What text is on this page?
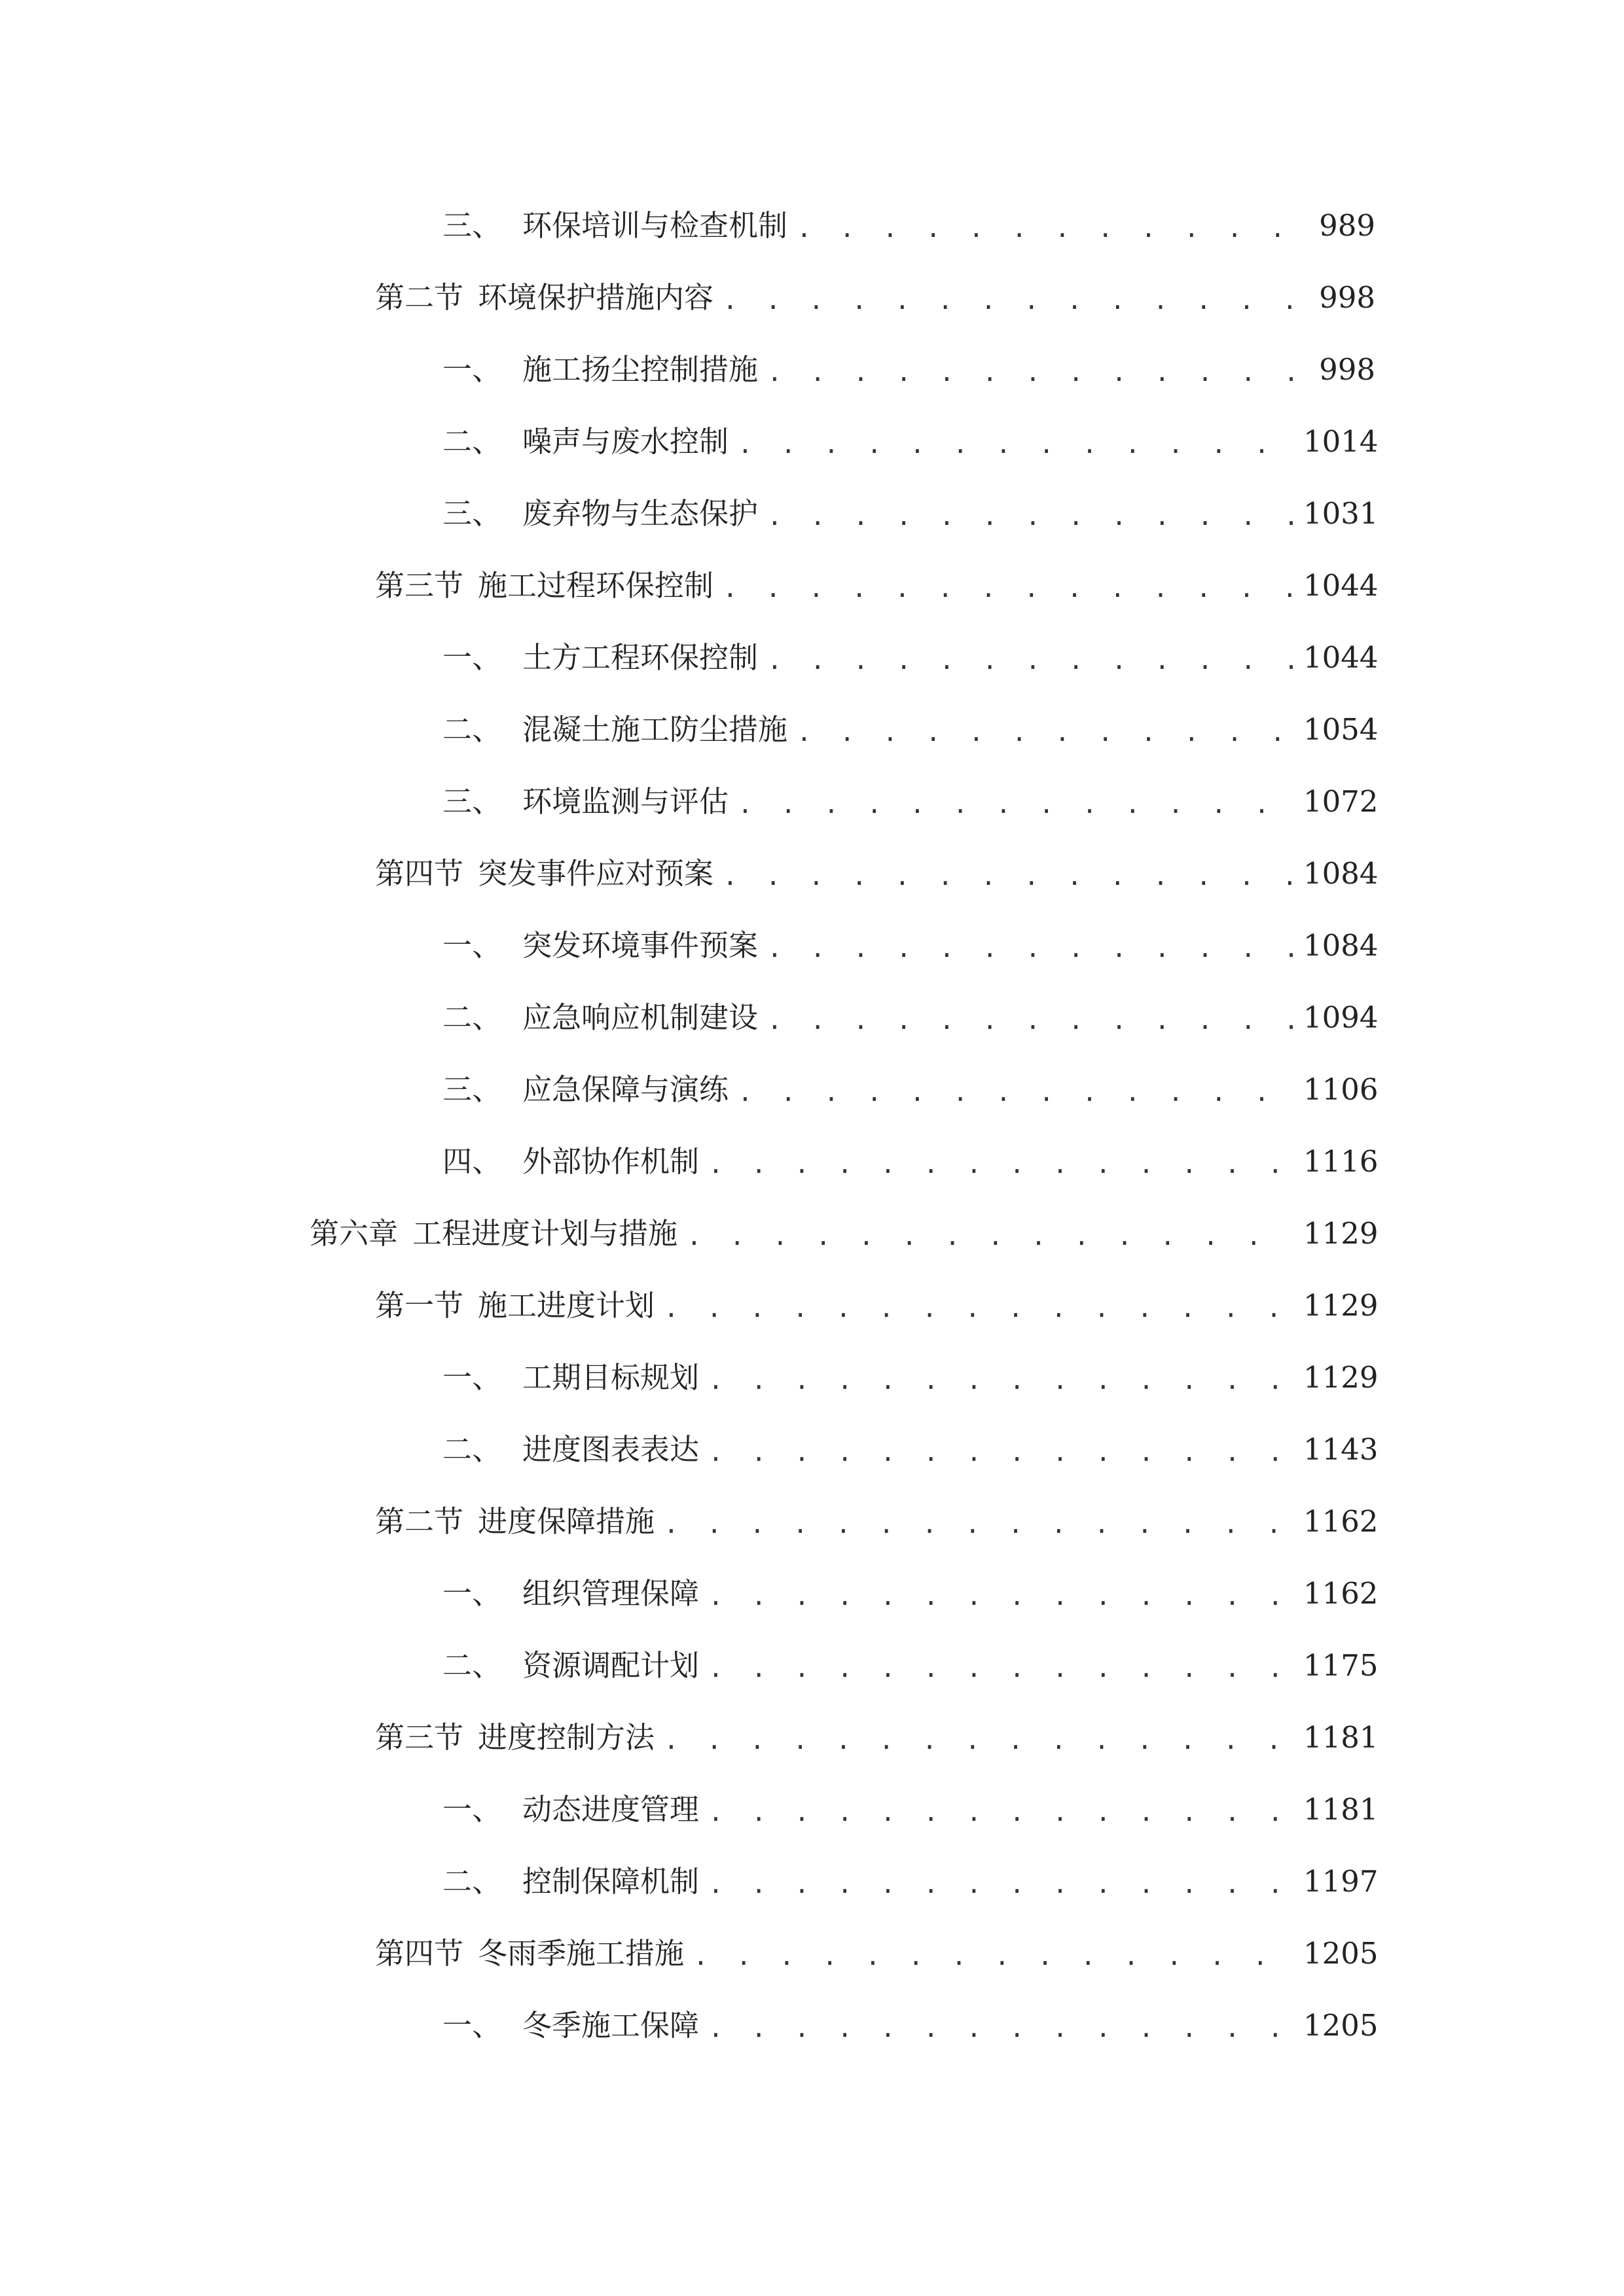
三、 环保培训与检查机制 . . .	989
第二节 环境保护措施内容 . . .	998
一、 施工扬尘控制措施 . . .	998
二、 噪声与废水控制 . . .	1014
三、 废弃物与生态保护 . . .	1031
第三节 施工过程环保控制 . . .	1044
一、 土方工程环保控制 . . .	1044
二、 混凝土施工防尘措施 . . .	1054
三、 环境监测与评估 . . .	1072
第四节 突发事件应对预案 . . .	1084
一、 突发环境事件预案 . . .	1084
二、 应急响应机制建设 . . .	1094
三、 应急保障与演练 . . .	1106
四、 外部协作机制 . . .	1116
第六章 工程进度计划与措施 . . .	1129
第一节 施工进度计划 . . .	1129
一、 工期目标规划 . . .	1129
二、 进度图表表达 . . .	1143
第二节 进度保障措施 . . .	1162
一、 组织管理保障 . . .	1162
二、 资源调配计划 . . .	1175
第三节 进度控制方法 . . .	1181
一、 动态进度管理 . . .	1181
二、 控制保障机制 . . .	1197
第四节 冬雨季施工措施 . . .	1205
一、 冬季施工保障 . . .	1205
